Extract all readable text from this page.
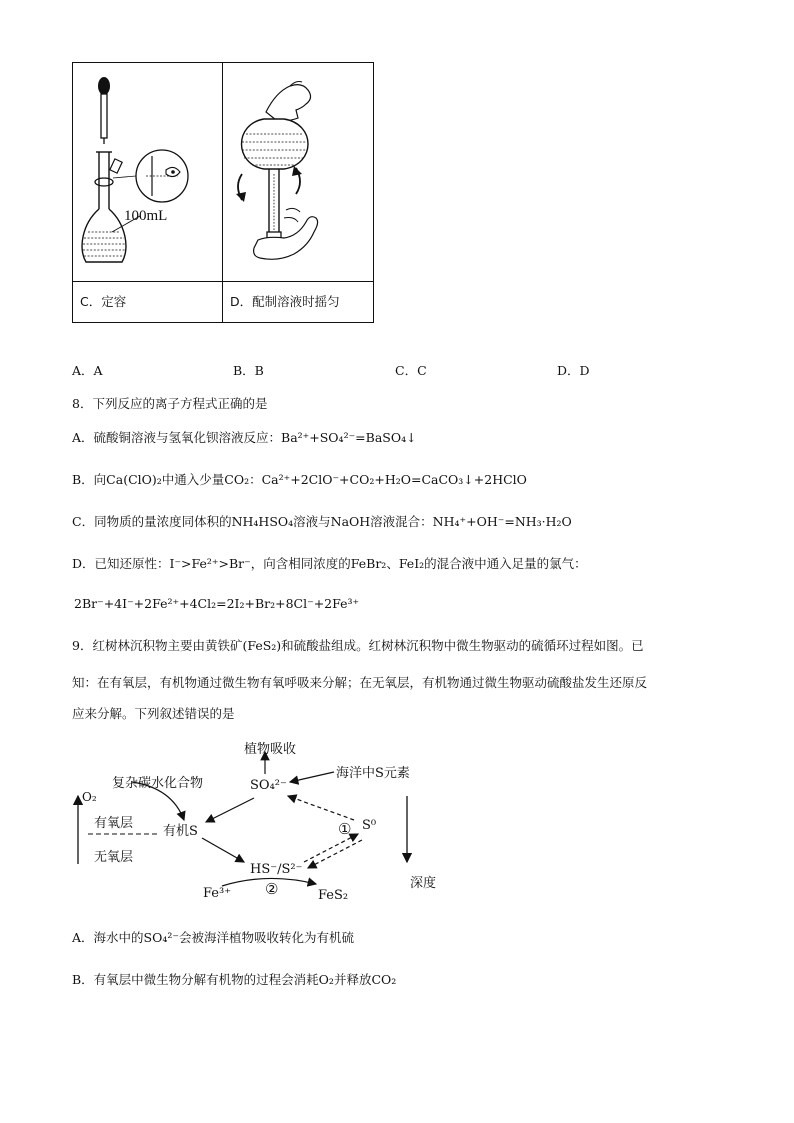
100mL
C．定容	D．配制溶液时摇匀
A．A	B．B	C．C	D．D
8．下列反应的离子方程式正确的是
A．硫酸铜溶液与氢氧化钡溶液反应：Ba²⁺+SO₄²⁻=BaSO₄↓
B．向Ca(ClO)₂中通入少量CO₂：Ca²⁺+2ClO⁻+CO₂+H₂O=CaCO₃↓+2HClO
C．同物质的量浓度同体积的NH₄HSO₄溶液与NaOH溶液混合：NH₄⁺+OH⁻=NH₃·H₂O
D．已知还原性：I⁻>Fe²⁺>Br⁻，向含相同浓度的FeBr₂、FeI₂的混合液中通入足量的氯气：
2Br⁻+4I⁻+2Fe²⁺+4Cl₂=2I₂+Br₂+8Cl⁻+2Fe³⁺
9．红树林沉积物主要由黄铁矿(FeS₂)和硫酸盐组成。红树林沉积物中微生物驱动的硫循环过程如图。已
知：在有氧层，有机物通过微生物有氧呼吸来分解；在无氧层，有机物通过微生物驱动硫酸盐发生还原反
应来分解。下列叙述错误的是
植物吸收
海洋中S元素
复杂碳水化合物	SO₄²⁻
O₂
有氧层
有机S	S⁰
①
无氧层
HS⁻/S²⁻
②
Fe³⁺	FeS₂
深度
A．海水中的SO₄²⁻会被海洋植物吸收转化为有机硫
B．有氧层中微生物分解有机物的过程会消耗O₂并释放CO₂
